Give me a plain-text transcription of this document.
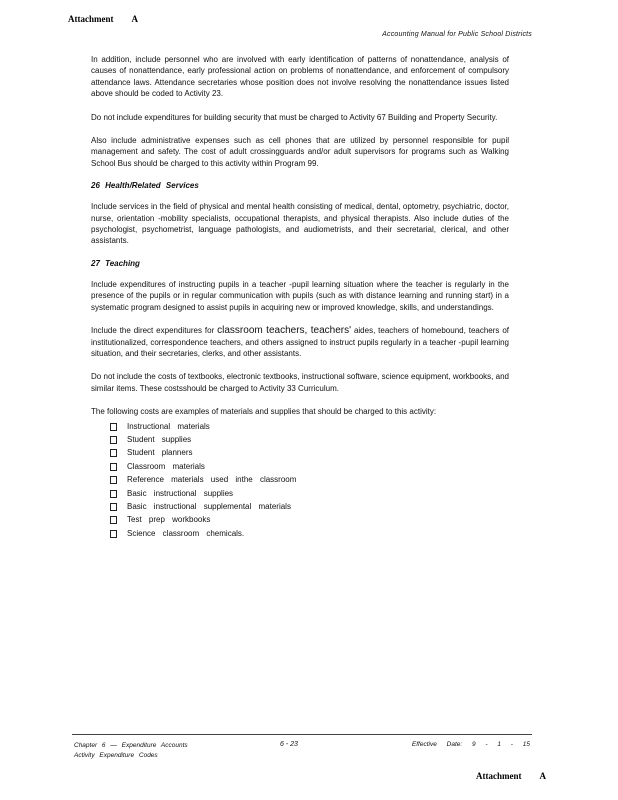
Attachment A
Accounting Manual for Public School Districts

In addition, include personnel who are involved with early identification of patterns of nonattendance, analysis of causes of nonattendance, early professional action on problems of nonattendance, and enforcement of compulsory attendance laws. Attendance secretaries whose position does not involve resolving the nonattendance issues listed above should be coded to Activity 23.

Do not include expenditures for building security that must be charged to Activity 67 Building and Property Security.

Also include administrative expenses such as cell phones that are utilized by personnel responsible for pupil management and safety. The cost of adult crossingguards and/or adult supervisors for programs such as Walking School Bus should be charged to this activity within Program 99.

26 Health/Related Services

Include services in the field of physical and mental health consisting of medical, dental, optometry, psychiatric, doctor, nurse, orientation -mobility specialists, occupational therapists, and physical therapists. Also include duties of the psychologist, psychometrist, language pathologists, and audiometrists, and their secretarial, clerical, and other assistants.

27 Teaching

Include expenditures of instructing pupils in a teacher -pupil learning situation where the teacher is regularly in the presence of the pupils or in regular communication with pupils (such as with distance learning and running start) in a systematic program designed to assist pupils in acquiring new or improved knowledge, skills, and understandings.

Include the direct expenditures for classroom teachers, teachers' aides, teachers of homebound, teachers of institutionalized, correspondence teachers, and others assigned to instruct pupils regularly in a teacher -pupil learning situation, and their secretaries, clerks, and other assistants.

Do not include the costs of textbooks, electronic textbooks, instructional software, science equipment, workbooks, and similar items. These costsshould be charged to Activity 33 Curriculum.

The following costs are examples of materials and supplies that should be charged to this activity:

Instructional materials
Student supplies
Student planners
Classroom materials
Reference materials used inthe classroom
Basic instructional supplies
Basic instructional supplemental materials
Test prep workbooks
Science classroom chemicals.
Chapter 6 — Expenditure Accounts
Activity Expenditure Codes
6 - 23	Effective Date: 9 - 1 - 15
Attachment A
